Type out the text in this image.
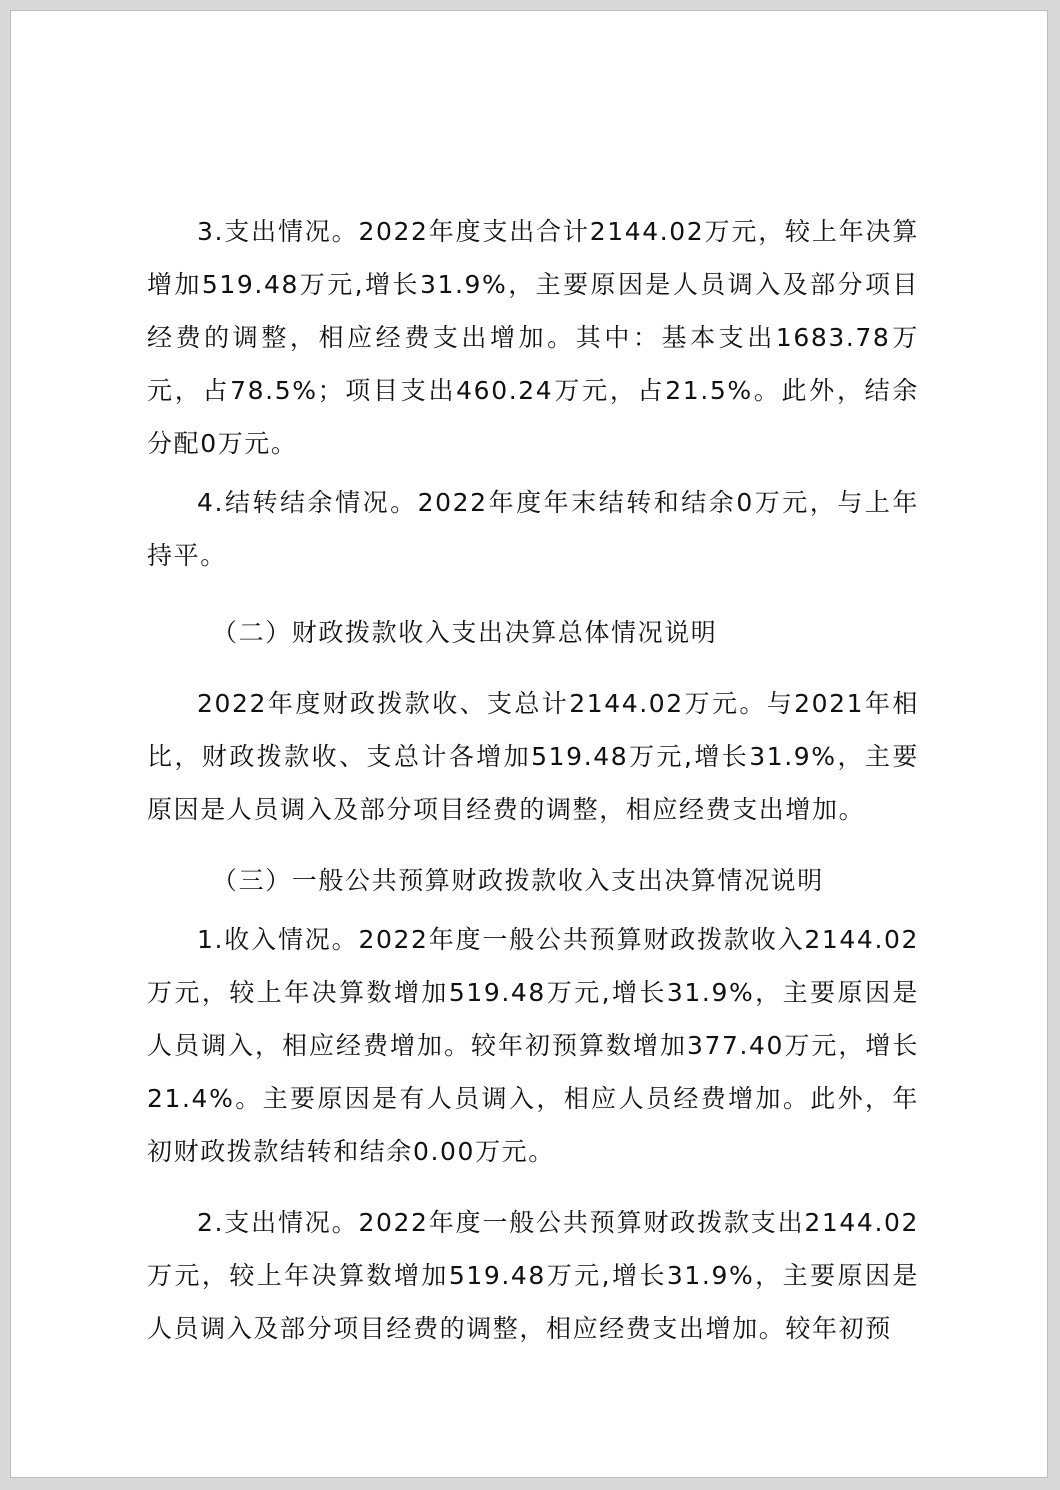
3.支出情况。2022年度支出合计2144.02万元，较上年决算增加519.48万元,增长31.9%，主要原因是人员调入及部分项目经费的调整，相应经费支出增加。其中：基本支出1683.78万元，占78.5%；项目支出460.24万元，占21.5%。此外，结余分配0万元。

4.结转结余情况。2022年度年末结转和结余0万元，与上年持平。

（二）财政拨款收入支出决算总体情况说明

2022年度财政拨款收、支总计2144.02万元。与2021年相比，财政拨款收、支总计各增加519.48万元,增长31.9%，主要原因是人员调入及部分项目经费的调整，相应经费支出增加。

（三）一般公共预算财政拨款收入支出决算情况说明

1.收入情况。2022年度一般公共预算财政拨款收入2144.02万元，较上年决算数增加519.48万元,增长31.9%，主要原因是人员调入，相应经费增加。较年初预算数增加377.40万元，增长21.4%。主要原因是有人员调入，相应人员经费增加。此外，年初财政拨款结转和结余0.00万元。

2.支出情况。2022年度一般公共预算财政拨款支出2144.02万元，较上年决算数增加519.48万元,增长31.9%，主要原因是人员调入及部分项目经费的调整，相应经费支出增加。较年初预
